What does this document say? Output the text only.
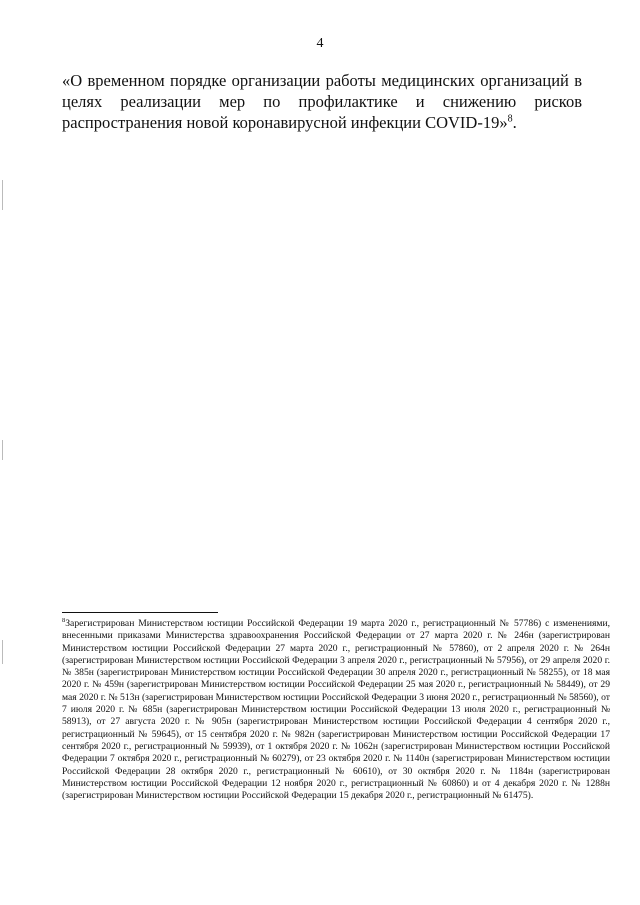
4
«О временном порядке организации работы медицинских организаций в целях реализации мер по профилактике и снижению рисков распространения новой коронавирусной инфекции COVID-19»$^8$.
$^8$Зарегистрирован Министерством юстиции Российской Федерации 19 марта 2020 г., регистрационный № 57786) с изменениями, внесенными приказами Министерства здравоохранения Российской Федерации от 27 марта 2020 г. № 246н (зарегистрирован Министерством юстиции Российской Федерации 27 марта 2020 г., регистрационный № 57860), от 2 апреля 2020 г. № 264н (зарегистрирован Министерством юстиции Российской Федерации 3 апреля 2020 г., регистрационный № 57956), от 29 апреля 2020 г. № 385н (зарегистрирован Министерством юстиции Российской Федерации 30 апреля 2020 г., регистрационный № 58255), от 18 мая 2020 г. № 459н (зарегистрирован Министерством юстиции Российской Федерации 25 мая 2020 г., регистрационный № 58449), от 29 мая 2020 г. № 513н (зарегистрирован Министерством юстиции Российской Федерации 3 июня 2020 г., регистрационный № 58560), от 7 июля 2020 г. № 685н (зарегистрирован Министерством юстиции Российской Федерации 13 июля 2020 г., регистрационный № 58913), от 27 августа 2020 г. № 905н (зарегистрирован Министерством юстиции Российской Федерации 4 сентября 2020 г., регистрационный № 59645), от 15 сентября 2020 г. № 982н (зарегистрирован Министерством юстиции Российской Федерации 17 сентября 2020 г., регистрационный № 59939), от 1 октября 2020 г. № 1062н (зарегистрирован Министерством юстиции Российской Федерации 7 октября 2020 г., регистрационный № 60279), от 23 октября 2020 г. № 1140н (зарегистрирован Министерством юстиции Российской Федерации 28 октября 2020 г., регистрационный № 60610), от 30 октября 2020 г. № 1184н (зарегистрирован Министерством юстиции Российской Федерации 12 ноября 2020 г., регистрационный № 60860) и от 4 декабря 2020 г. № 1288н (зарегистрирован Министерством юстиции Российской Федерации 15 декабря 2020 г., регистрационный № 61475).
